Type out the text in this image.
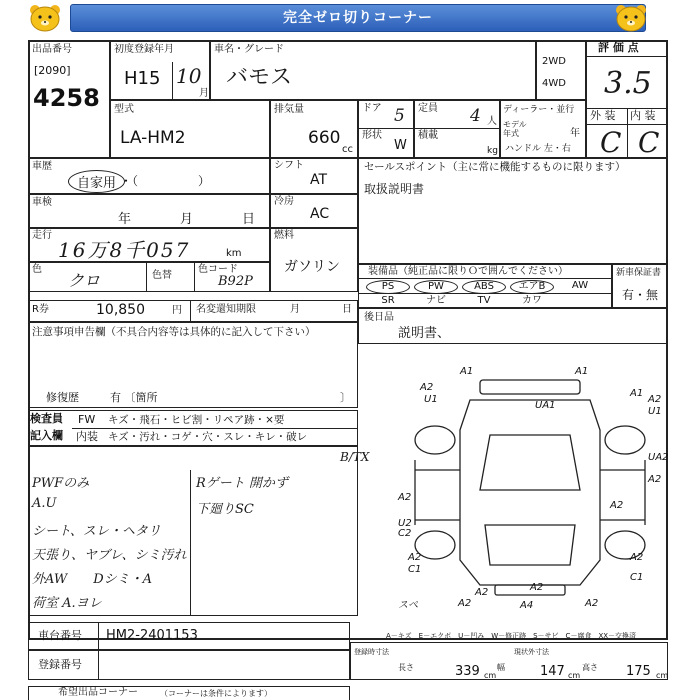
完全ゼロ切りコーナー
出品番号
[2090]
4258
初度登録年月
H15 10
月
車名・グレード
バモス
2WD
4WD
評 価 点
3.5
外 装 内 装
C C
型式
LA-HM2
排気量
660
cc
ドア 5
形状
W
定員 4 人
積載
kg
ディーラー・並行
モデル年式	年
ハンドル 左・右
車歴
自家用 ・（　　　　　）
シフト
AT
セールスポイント（主に常に機能するものに限ります）
取扱説明書
車検
年	月	日
冷房
AC
走行
16万8千057	km
燃料
ガソリン
色
クロ	色替
色コード
B92P
装備品（純正品に限りＯで囲んでください）
PS	PW	ABS	エアB	AW
SR	ナビ	TV	カワ
新車保証書
有・無
R券	10,850	円 名変還知期限	月	日
後日品
説明書、
注意事項申告欄（不具合内容等は具体的に記入して下さい）
修復歴	有 〔箇所	〕
検査員
記入欄
FW キズ・飛石・ヒビ割・リペア跡・×要
内装 キズ・汚れ・コゲ・穴・スレ・キレ・破レ
B/TX
PWFのみ
A.U
シート、スレ・ヘタリ
天張り、ヤブレ、シミ汚れ
外AW　　Dシミ・A
荷室 A.ヨレ
Rゲート 開かず
下廻りSC
A1	A1
A2
U1
UA1
A1
A2
U1
UA2
A2
A2
A2
U2
C2
A2
C1
A2
C1
A2
A2
A2	A4	A2
スペ
A－キズ　E－エクボ　U－凹み　W－修正跡　S－サビ　C－腐食　XX－交換済
車台番号 HM2-2401153
登録番号
登録時寸法
長さ	339 cm
現状外寸法
幅	147 cm
高さ 175 cm
希望出品コーナー	（コーナーは条件によります）
